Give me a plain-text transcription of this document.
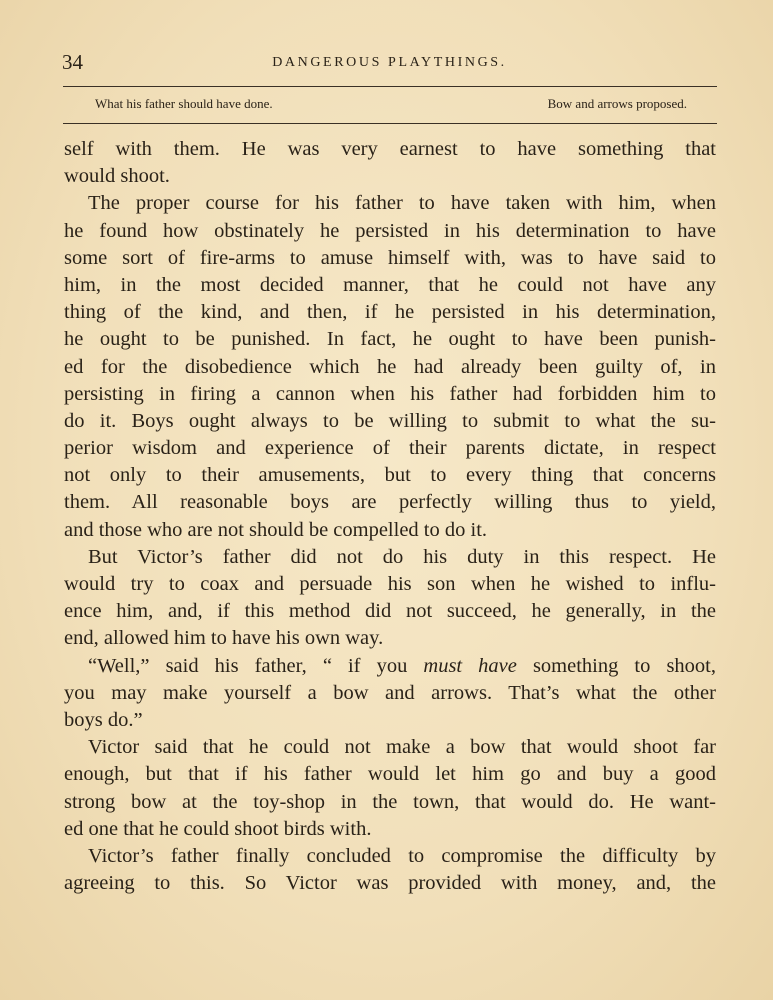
34	DANGEROUS PLAYTHINGS.
What his father should have done.	Bow and arrows proposed.
self with them. He was very earnest to have something that
would shoot.
The proper course for his father to have taken with him, when
he found how obstinately he persisted in his determination to have
some sort of fire-arms to amuse himself with, was to have said to
him, in the most decided manner, that he could not have any
thing of the kind, and then, if he persisted in his determination,
he ought to be punished. In fact, he ought to have been punish-
ed for the disobedience which he had already been guilty of, in
persisting in firing a cannon when his father had forbidden him to
do it. Boys ought always to be willing to submit to what the su-
perior wisdom and experience of their parents dictate, in respect
not only to their amusements, but to every thing that concerns
them. All reasonable boys are perfectly willing thus to yield,
and those who are not should be compelled to do it.
But Victor’s father did not do his duty in this respect. He
would try to coax and persuade his son when he wished to influ-
ence him, and, if this method did not succeed, he generally, in the
end, allowed him to have his own way.
“Well,” said his father, “ if you must have something to shoot,
you may make yourself a bow and arrows. That’s what the other
boys do.”
Victor said that he could not make a bow that would shoot far
enough, but that if his father would let him go and buy a good
strong bow at the toy-shop in the town, that would do. He want-
ed one that he could shoot birds with.
Victor’s father finally concluded to compromise the difficulty by
agreeing to this. So Victor was provided with money, and, the
